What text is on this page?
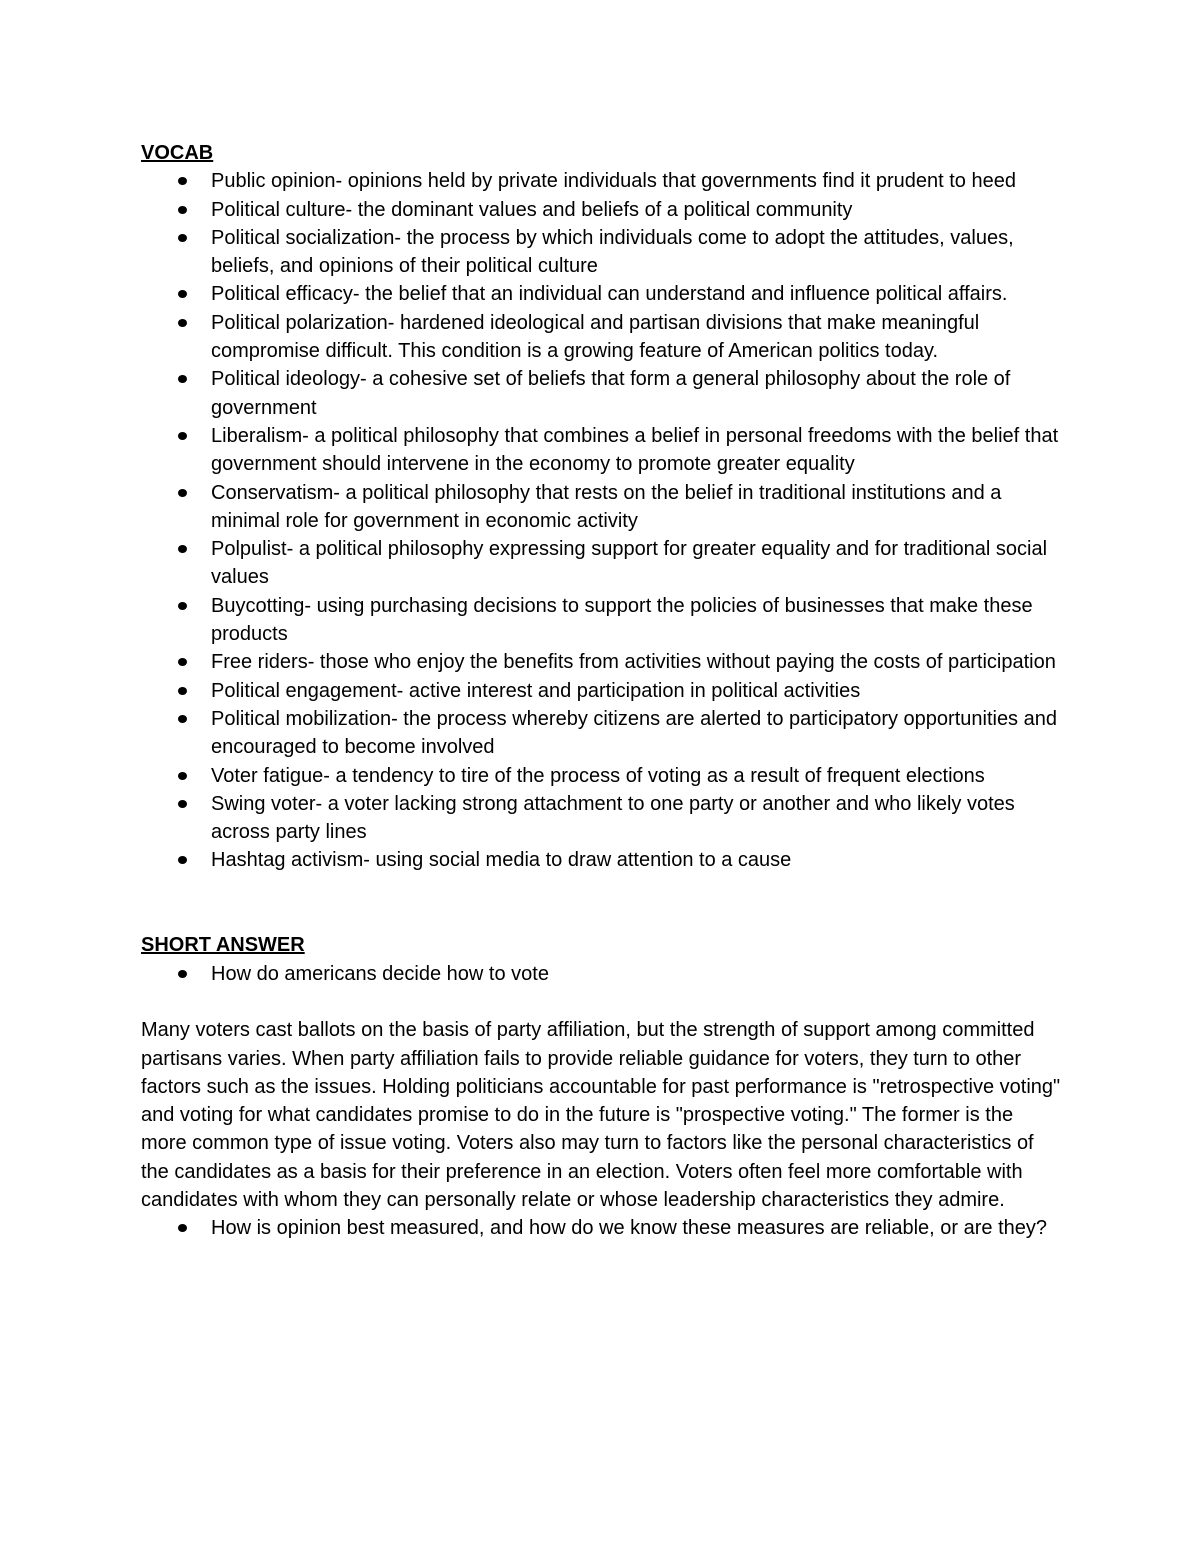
VOCAB

Public opinion- opinions held by private individuals that governments find it prudent to heed
Political culture- the dominant values and beliefs of a political community
Political socialization- the process by which individuals come to adopt the attitudes, values, beliefs, and opinions of their political culture
Political efficacy- the belief that an individual can understand and influence political affairs.
Political polarization- hardened ideological and partisan divisions that make meaningful compromise difficult. This condition is a growing feature of American politics today.
Political ideology- a cohesive set of beliefs that form a general philosophy about the role of government
Liberalism- a political philosophy that combines a belief in personal freedoms with the belief that government should intervene in the economy to promote greater equality
Conservatism- a political philosophy that rests on the belief in traditional institutions and a minimal role for government in economic activity
Polpulist- a political philosophy expressing support for greater equality and for traditional social values
Buycotting- using purchasing decisions to support the policies of businesses that make these products
Free riders- those who enjoy the benefits from activities without paying the costs of participation
Political engagement- active interest and participation in political activities
Political mobilization- the process whereby citizens are alerted to participatory opportunities and encouraged to become involved
Voter fatigue- a tendency to tire of the process of voting as a result of frequent elections
Swing voter- a voter lacking strong attachment to one party or another and who likely votes across party lines
Hashtag activism- using social media to draw attention to a cause

SHORT ANSWER

How do americans decide how to vote

Many voters cast ballots on the basis of party affiliation, but the strength of support among committed partisans varies. When party affiliation fails to provide reliable guidance for voters, they turn to other factors such as the issues. Holding politicians accountable for past performance is "retrospective voting" and voting for what candidates promise to do in the future is "prospective voting." The former is the more common type of issue voting. Voters also may turn to factors like the personal characteristics of the candidates as a basis for their preference in an election. Voters often feel more comfortable with candidates with whom they can personally relate or whose leadership characteristics they admire.

How is opinion best measured, and how do we know these measures are reliable, or are they?
